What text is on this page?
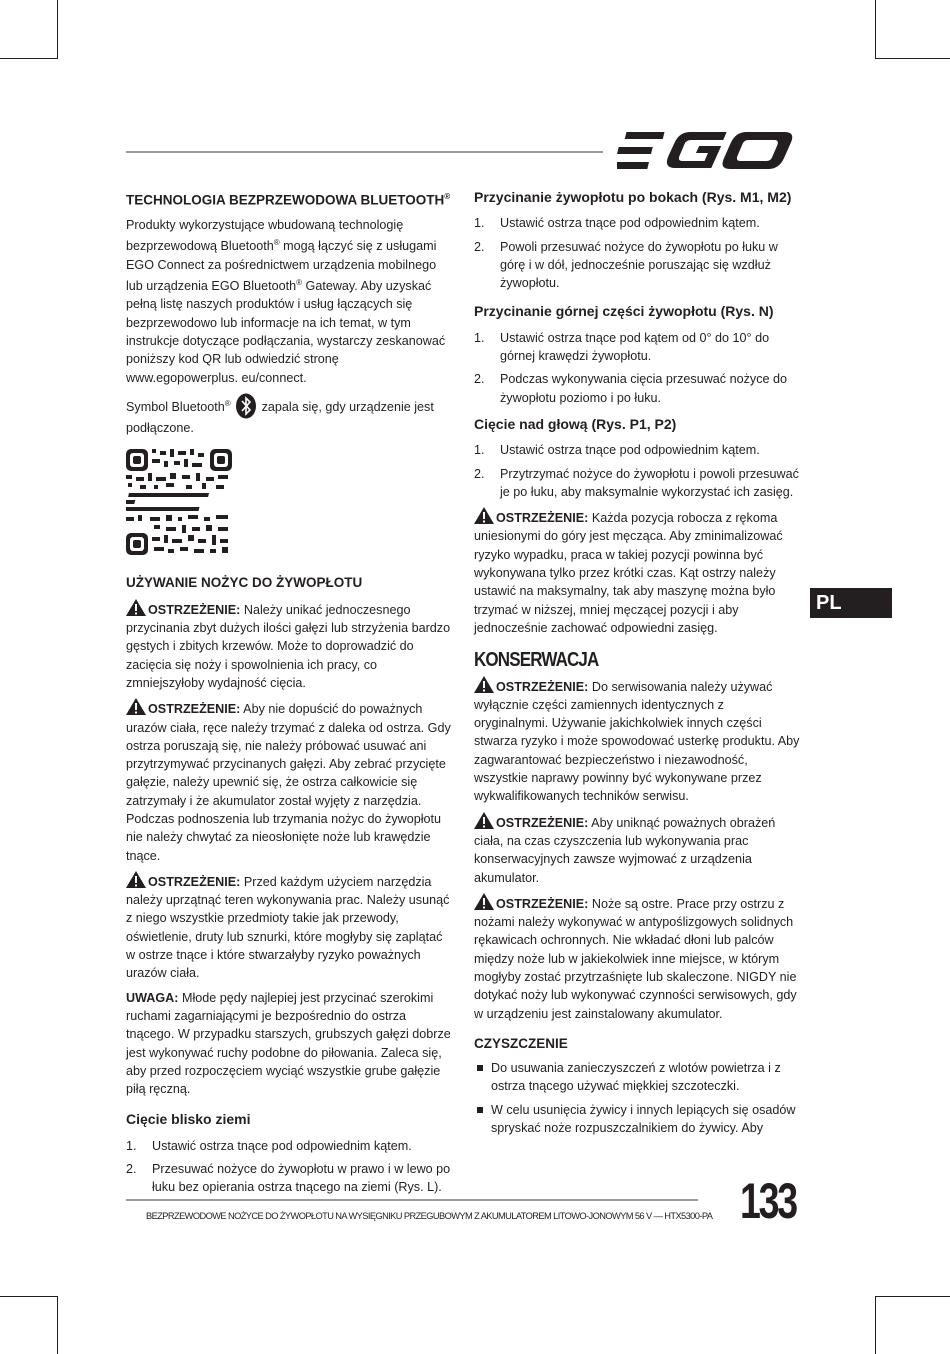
PL
TECHNOLOGIA BEZPRZEWODOWA BLUETOOTH®

Produkty wykorzystujące wbudowaną technologię bezprzewodową Bluetooth® mogą łączyć się z usługami EGO Connect za pośrednictwem urządzenia mobilnego lub urządzenia EGO Bluetooth® Gateway. Aby uzyskać pełną listę naszych produktów i usług łączących się bezprzewodowo lub informacje na ich temat, w tym instrukcje dotyczące podłączania, wystarczy zeskanować poniższy kod QR lub odwiedzić stronę www.egopowerplus. eu/connect.

Symbol Bluetooth®  zapala się, gdy urządzenie jest podłączone.

UŻYWANIE NOŻYC DO ŻYWOPŁOTU

OSTRZEŻENIE: Należy unikać jednoczesnego przycinania zbyt dużych ilości gałęzi lub strzyżenia bardzo gęstych i zbitych krzewów. Może to doprowadzić do zacięcia się noży i spowolnienia ich pracy, co zmniejszyłoby wydajność cięcia.

OSTRZEŻENIE: Aby nie dopuścić do poważnych urazów ciała, ręce należy trzymać z daleka od ostrza. Gdy ostrza poruszają się, nie należy próbować usuwać ani przytrzymywać przycinanych gałęzi. Aby zebrać przycięte gałęzie, należy upewnić się, że ostrza całkowicie się zatrzymały i że akumulator został wyjęty z narzędzia. Podczas podnoszenia lub trzymania nożyc do żywopłotu nie należy chwytać za nieosłonięte noże lub krawędzie tnące.

OSTRZEŻENIE: Przed każdym użyciem narzędzia należy uprzątnąć teren wykonywania prac. Należy usunąć z niego wszystkie przedmioty takie jak przewody, oświetlenie, druty lub sznurki, które mogłyby się zaplątać w ostrze tnące i które stwarzałyby ryzyko poważnych urazów ciała.

UWAGA: Młode pędy najlepiej jest przycinać szerokimi ruchami zagarniającymi je bezpośrednio do ostrza tnącego. W przypadku starszych, grubszych gałęzi dobrze jest wykonywać ruchy podobne do piłowania. Zaleca się, aby przed rozpoczęciem wyciąć wszystkie grube gałęzie piłą ręczną.

Cięcie blisko ziemi
1. Ustawić ostrza tnące pod odpowiednim kątem.
2. Przesuwać nożyce do żywopłotu w prawo i w lewo po łuku bez opierania ostrza tnącego na ziemi (Rys. L).
Przycinanie żywopłotu po bokach (Rys. M1, M2)
1. Ustawić ostrza tnące pod odpowiednim kątem.
2. Powoli przesuwać nożyce do żywopłotu po łuku w górę i w dół, jednocześnie poruszając się wzdłuż żywopłotu.
Przycinanie górnej części żywopłotu (Rys. N)
1. Ustawić ostrza tnące pod kątem od 0° do 10° do górnej krawędzi żywopłotu.
2. Podczas wykonywania cięcia przesuwać nożyce do żywopłotu poziomo i po łuku.
Cięcie nad głową (Rys. P1, P2)
1. Ustawić ostrza tnące pod odpowiednim kątem.
2. Przytrzymać nożyce do żywopłotu i powoli przesuwać je po łuku, aby maksymalnie wykorzystać ich zasięg.

OSTRZEŻENIE: Każda pozycja robocza z rękoma uniesionymi do góry jest męcząca. Aby zminimalizować ryzyko wypadku, praca w takiej pozycji powinna być wykonywana tylko przez krótki czas. Kąt ostrzy należy ustawić na maksymalny, tak aby maszynę można było trzymać w niższej, mniej męczącej pozycji i aby jednocześnie zachować odpowiedni zasięg.

KONSERWACJA

OSTRZEŻENIE: Do serwisowania należy używać wyłącznie części zamiennych identycznych z oryginalnymi. Używanie jakichkolwiek innych części stwarza ryzyko i może spowodować usterkę produktu. Aby zagwarantować bezpieczeństwo i niezawodność, wszystkie naprawy powinny być wykonywane przez wykwalifikowanych techników serwisu.

OSTRZEŻENIE: Aby uniknąć poważnych obrażeń ciała, na czas czyszczenia lub wykonywania prac konserwacyjnych zawsze wyjmować z urządzenia akumulator.

OSTRZEŻENIE: Noże są ostre. Prace przy ostrzu z nożami należy wykonywać w antypoślizgowych solidnych rękawicach ochronnych. Nie wkładać dłoni lub palców między noże lub w jakiekolwiek inne miejsce, w którym mogłyby zostać przytrzaśnięte lub skaleczone. NIGDY nie dotykać noży lub wykonywać czynności serwisowych, gdy w urządzeniu jest zainstalowany akumulator.

CZYSZCZENIE
Do usuwania zanieczyszczeń z wlotów powietrza i z ostrza tnącego używać miękkiej szczoteczki.
W celu usunięcia żywicy i innych lepiących się osadów spryskać noże rozpuszczalnikiem do żywicy. Aby
BEZPRZEWODOWE NOŻYCE DO ŻYWOPŁOTU NA WYSIĘGNIKU PRZEGUBOWYM Z AKUMULATOREM LITOWO-JONOWYM 56 V — HTX5300-PA 133
